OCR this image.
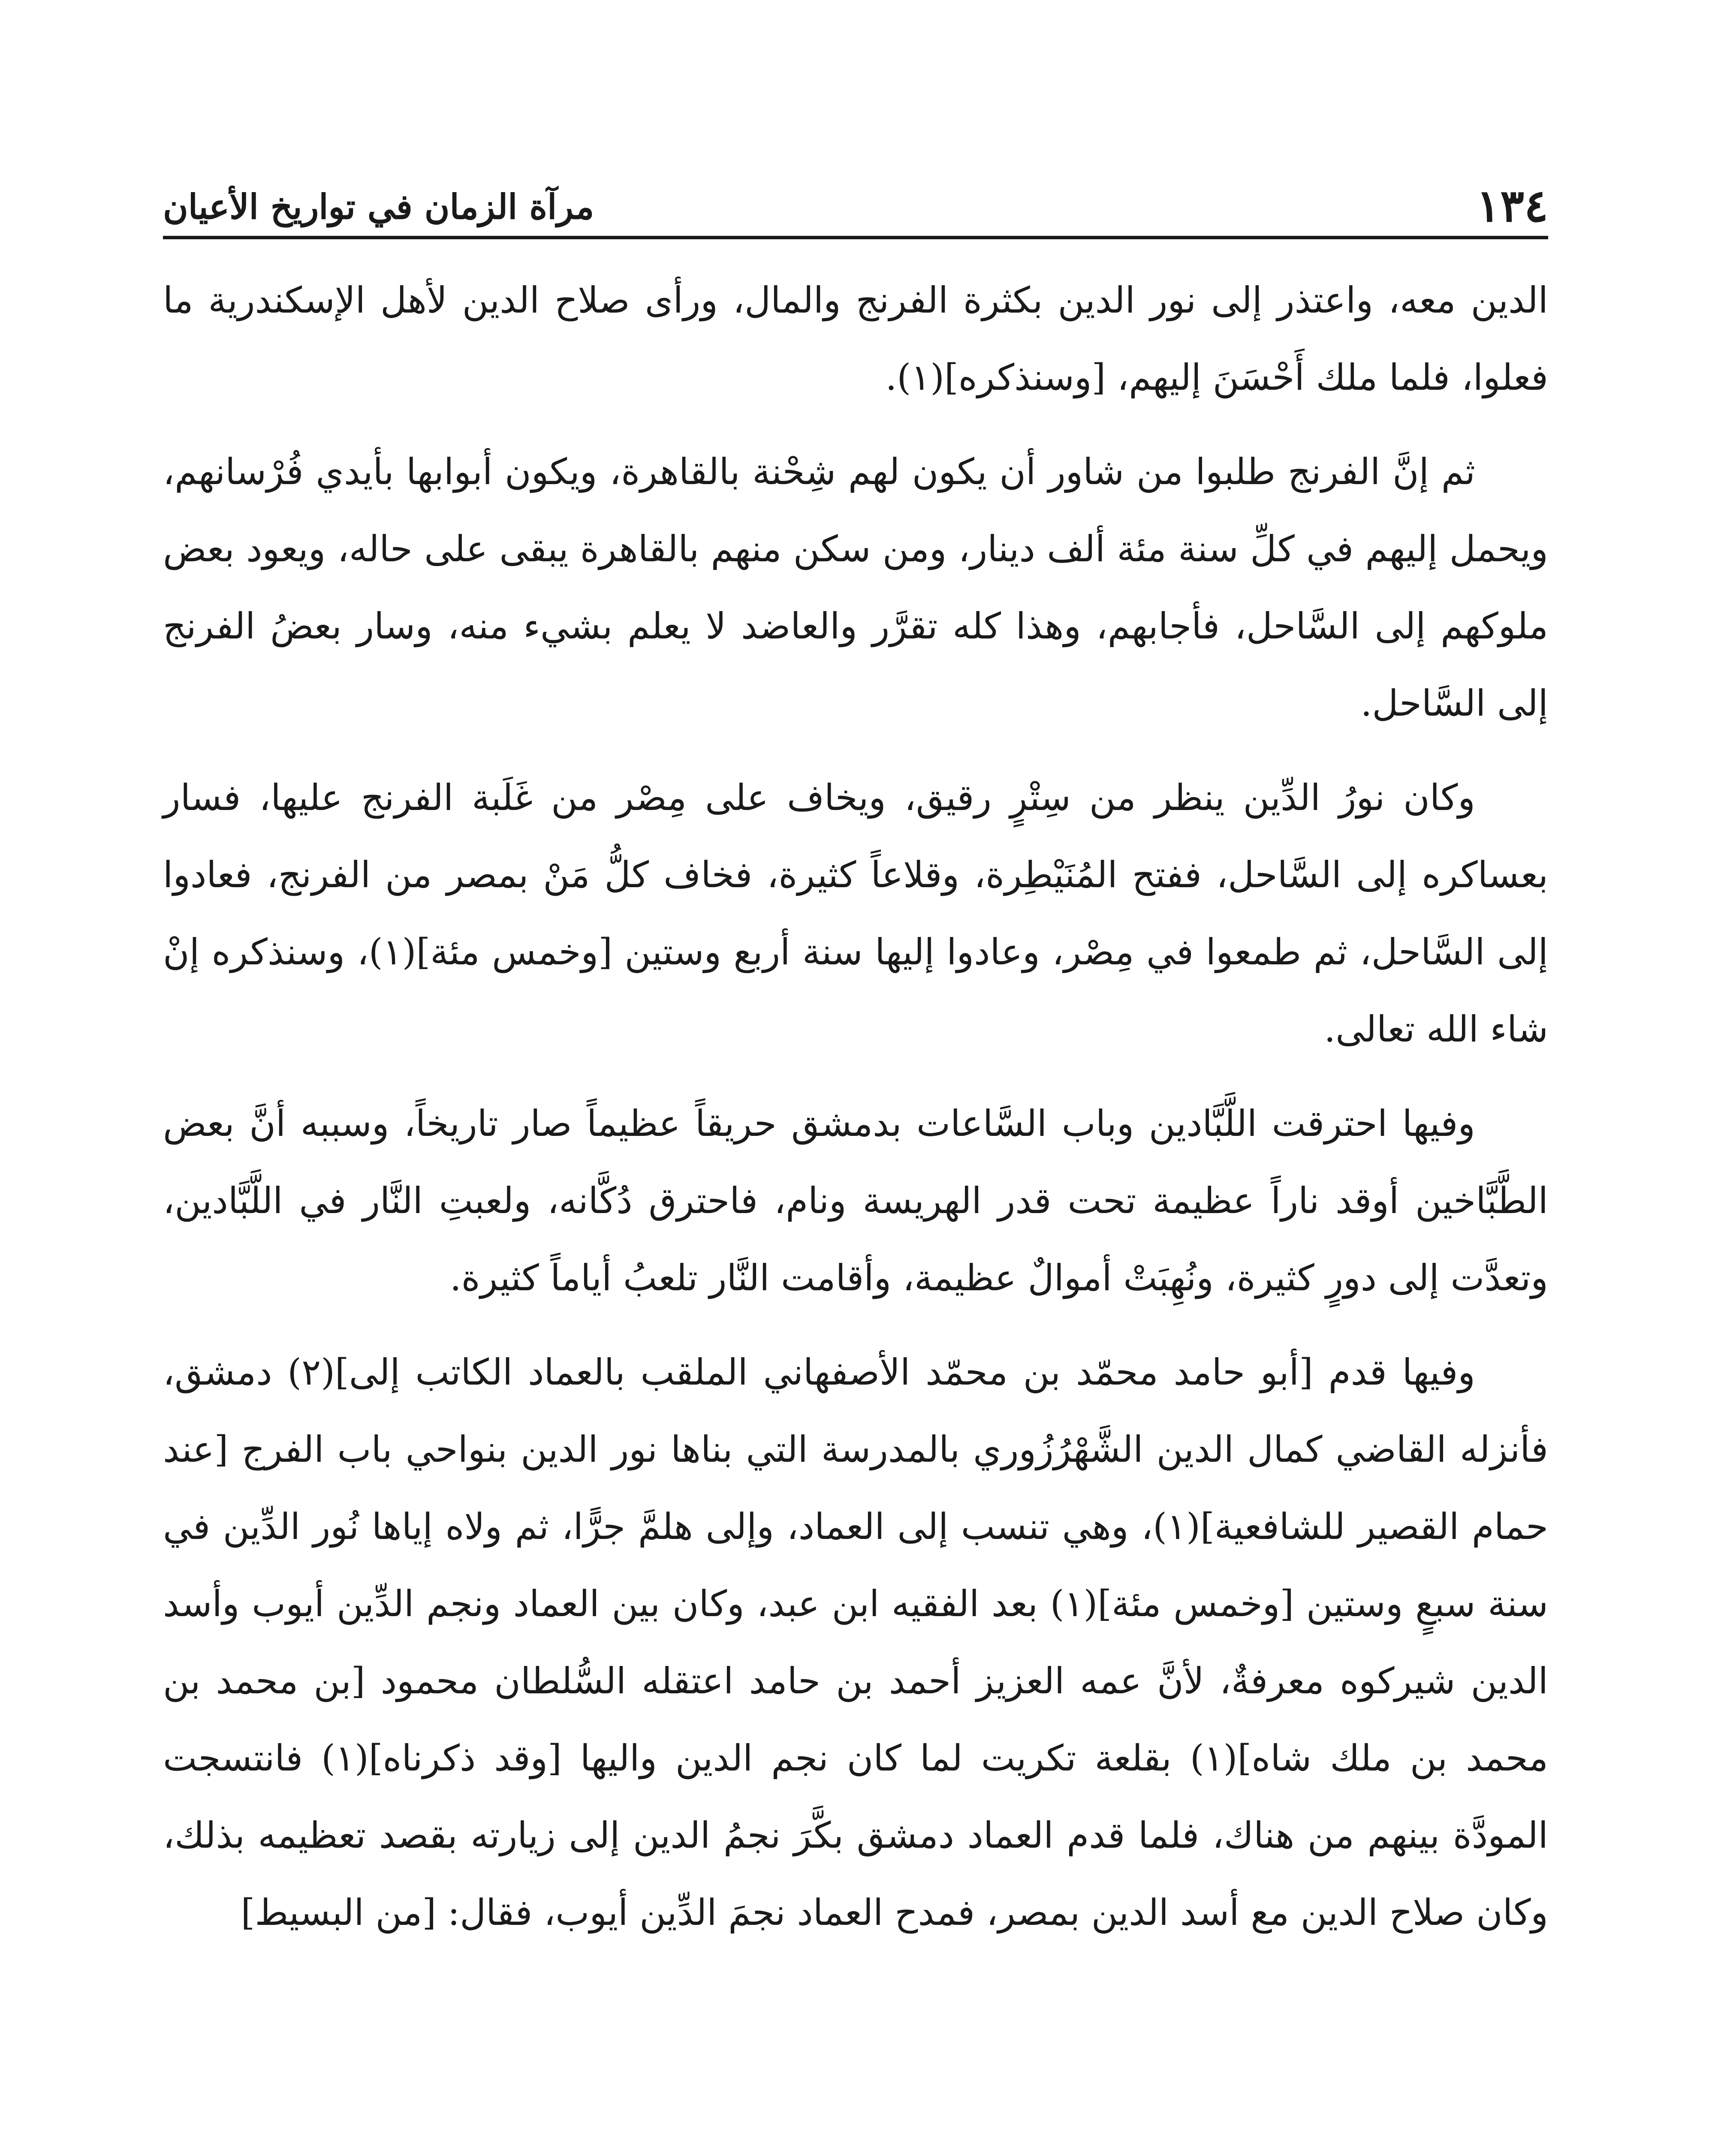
١٣٤
مرآة الزمان في تواريخ الأعيان

الدين معه، واعتذر إلى نور الدين بكثرة الفرنج والمال، ورأى صلاح الدين لأهل الإسكندرية ما فعلوا، فلما ملك أَحْسَنَ إليهم، [وسنذكره](١).

ثم إنَّ الفرنج طلبوا من شاور أن يكون لهم شِحْنة بالقاهرة، ويكون أبوابها بأيدي فُرْسانهم، ويحمل إليهم في كلِّ سنة مئة ألف دينار، ومن سكن منهم بالقاهرة يبقى على حاله، ويعود بعض ملوكهم إلى السَّاحل، فأجابهم، وهذا كله تقرَّر والعاضد لا يعلم بشيء منه، وسار بعضُ الفرنج إلى السَّاحل.

وكان نورُ الدِّين ينظر من سِتْرٍ رقيق، ويخاف على مِصْر من غَلَبة الفرنج عليها، فسار بعساكره إلى السَّاحل، ففتح المُنَيْطِرة، وقلاعاً كثيرة، فخاف كلُّ مَنْ بمصر من الفرنج، فعادوا إلى السَّاحل، ثم طمعوا في مِصْر، وعادوا إليها سنة أربع وستين [وخمس مئة](١)، وسنذكره إنْ شاء الله تعالى.

وفيها احترقت اللَّبَّادين وباب السَّاعات بدمشق حريقاً عظيماً صار تاريخاً، وسببه أنَّ بعض الطَّبَّاخين أوقد ناراً عظيمة تحت قدر الهريسة ونام، فاحترق دُكَّانه، ولعبتِ النَّار في اللَّبَّادين، وتعدَّت إلى دورٍ كثيرة، ونُهِبَتْ أموالٌ عظيمة، وأقامت النَّار تلعبُ أياماً كثيرة.

وفيها قدم [أبو حامد محمّد بن محمّد الأصفهاني الملقب بالعماد الكاتب إلى](٢) دمشق، فأنزله القاضي كمال الدين الشَّهْرُزُوري بالمدرسة التي بناها نور الدين بنواحي باب الفرج [عند حمام القصير للشافعية](١)، وهي تنسب إلى العماد، وإلى هلمَّ جرًّا، ثم ولاه إياها نُور الدِّين في سنة سبعٍ وستين [وخمس مئة](١) بعد الفقيه ابن عبد، وكان بين العماد ونجم الدِّين أيوب وأسد الدين شيركوه معرفةٌ، لأنَّ عمه العزيز أحمد بن حامد اعتقله السُّلطان محمود [بن محمد بن محمد بن ملك شاه](١) بقلعة تكريت لما كان نجم الدين واليها [وقد ذكرناه](١) فانتسجت المودَّة بينهم من هناك، فلما قدم العماد دمشق بكَّرَ نجمُ الدين إلى زيارته بقصد تعظيمه بذلك، وكان صلاح الدين مع أسد الدين بمصر، فمدح العماد نجمَ الدِّين أيوب، فقال: [من البسيط]
